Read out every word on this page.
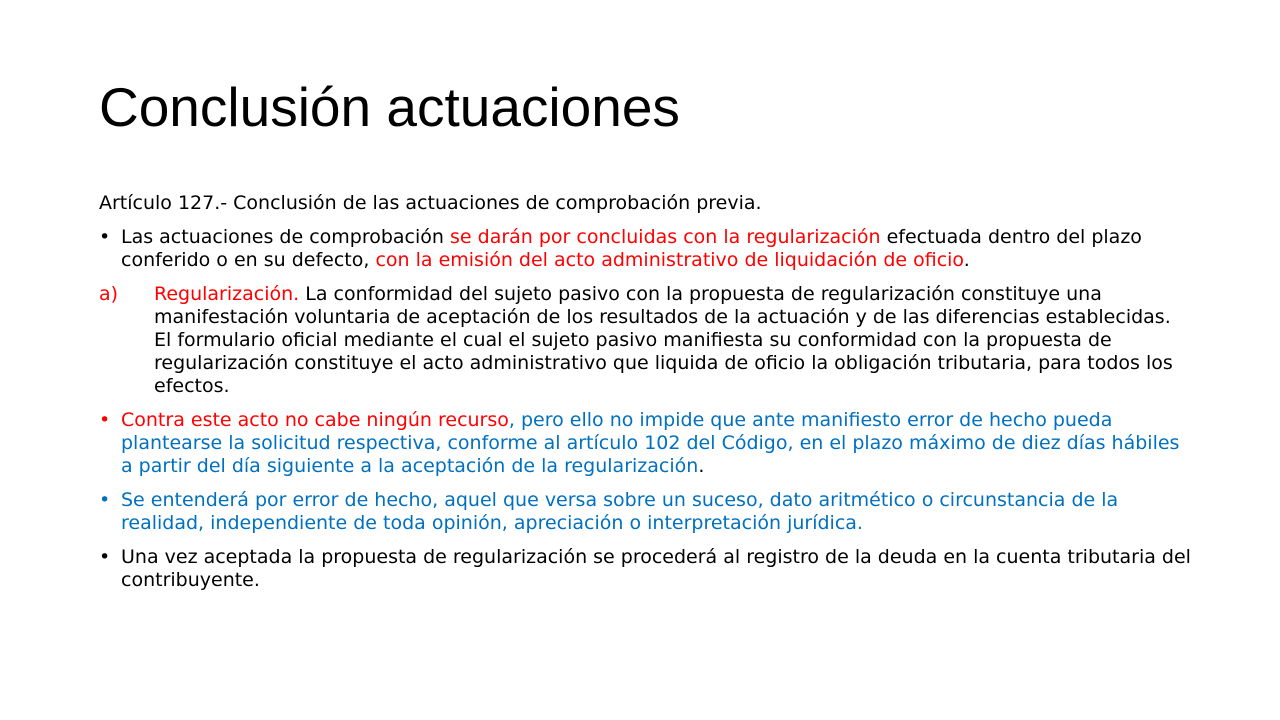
Conclusión actuaciones

Artículo 127.- Conclusión de las actuaciones de comprobación previa.

• Las actuaciones de comprobación se darán por concluidas con la regularización efectuada dentro del plazo conferido o en su defecto, con la emisión del acto administrativo de liquidación de oficio.
a) Regularización. La conformidad del sujeto pasivo con la propuesta de regularización constituye una manifestación voluntaria de aceptación de los resultados de la actuación y de las diferencias establecidas. El formulario oficial mediante el cual el sujeto pasivo manifiesta su conformidad con la propuesta de regularización constituye el acto administrativo que liquida de oficio la obligación tributaria, para todos los efectos.
• Contra este acto no cabe ningún recurso, pero ello no impide que ante manifiesto error de hecho pueda plantearse la solicitud respectiva, conforme al artículo 102 del Código, en el plazo máximo de diez días hábiles a partir del día siguiente a la aceptación de la regularización.
• Se entenderá por error de hecho, aquel que versa sobre un suceso, dato aritmético o circunstancia de la realidad, independiente de toda opinión, apreciación o interpretación jurídica.
• Una vez aceptada la propuesta de regularización se procederá al registro de la deuda en la cuenta tributaria del contribuyente.
